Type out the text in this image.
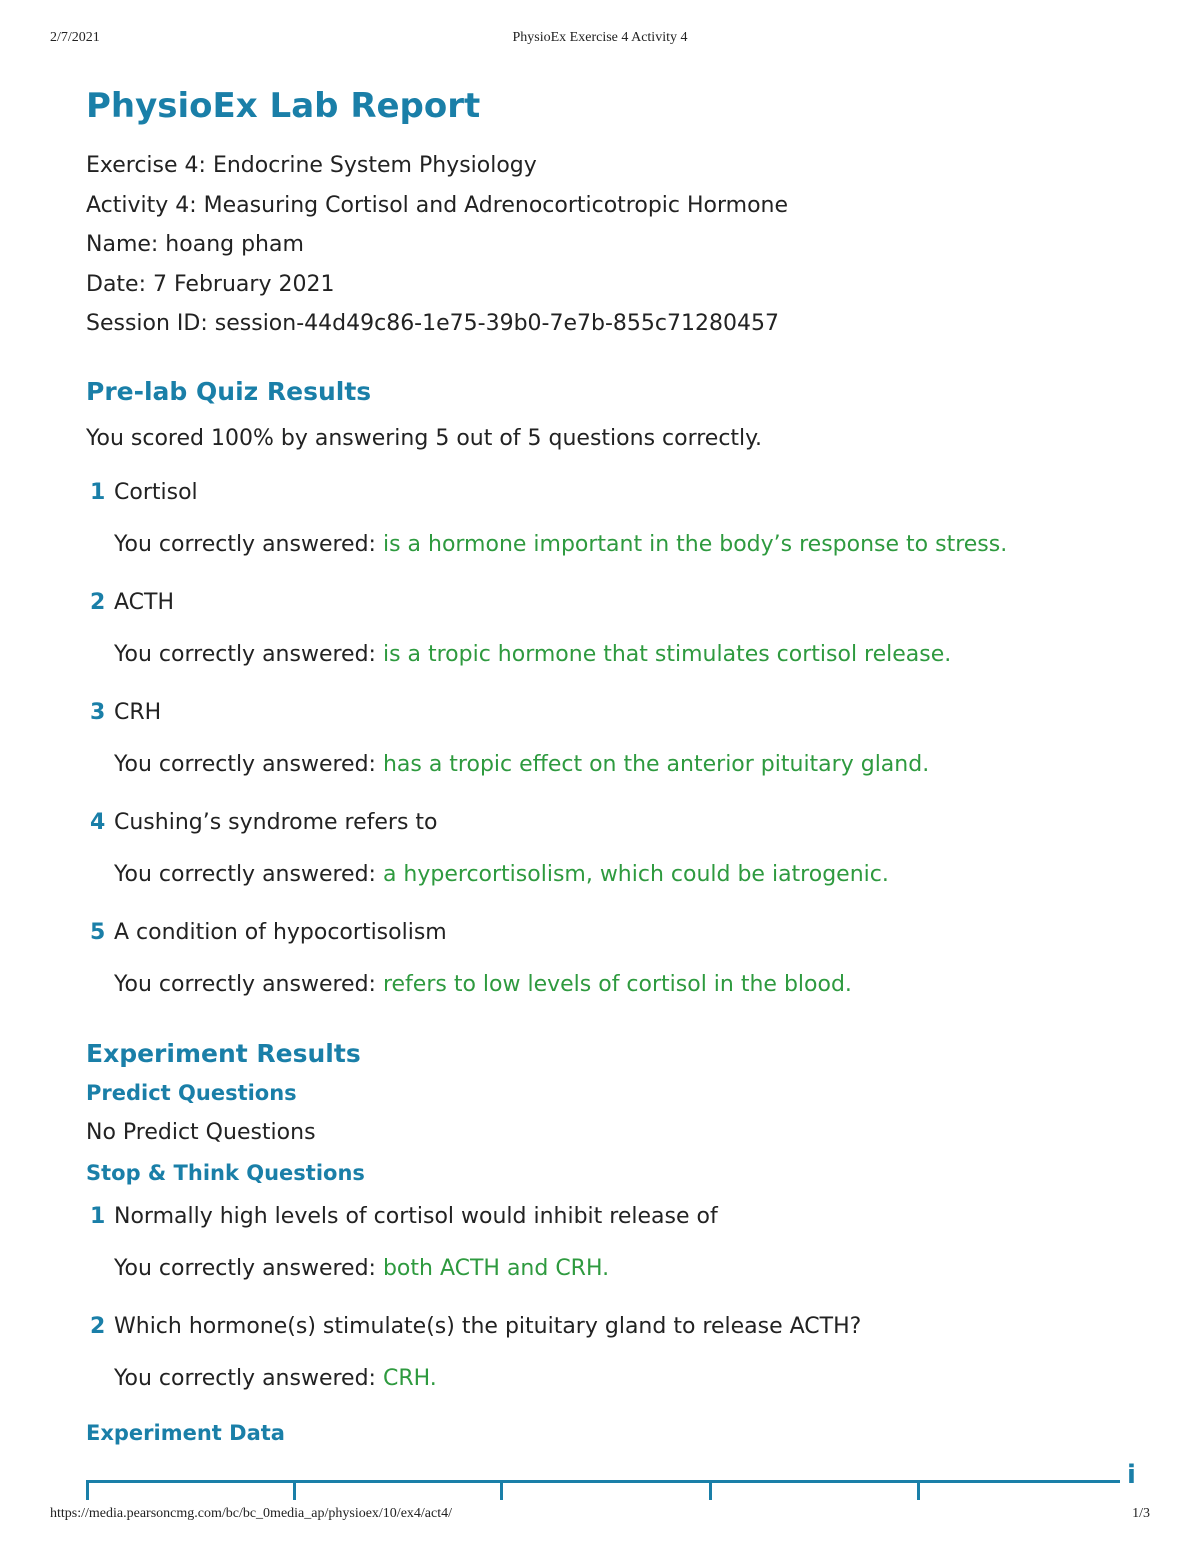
2/7/2021	PhysioEx Exercise 4 Activity 4
PhysioEx Lab Report
Exercise 4: Endocrine System Physiology
Activity 4: Measuring Cortisol and Adrenocorticotropic Hormone
Name: hoang pham
Date: 7 February 2021
Session ID: session-44d49c86-1e75-39b0-7e7b-855c71280457
Pre-lab Quiz Results
You scored 100% by answering 5 out of 5 questions correctly.
1 Cortisol
You correctly answered: is a hormone important in the body’s response to stress.
2 ACTH
You correctly answered: is a tropic hormone that stimulates cortisol release.
3 CRH
You correctly answered: has a tropic effect on the anterior pituitary gland.
4 Cushing’s syndrome refers to
You correctly answered: a hypercortisolism, which could be iatrogenic.
5 A condition of hypocortisolism
You correctly answered: refers to low levels of cortisol in the blood.
Experiment Results
Predict Questions
No Predict Questions
Stop & Think Questions
1 Normally high levels of cortisol would inhibit release of
You correctly answered: both ACTH and CRH.
2 Which hormone(s) stimulate(s) the pituitary gland to release ACTH?
You correctly answered: CRH.
Experiment Data
i
https://media.pearsoncmg.com/bc/bc_0media_ap/physioex/10/ex4/act4/	1/3
